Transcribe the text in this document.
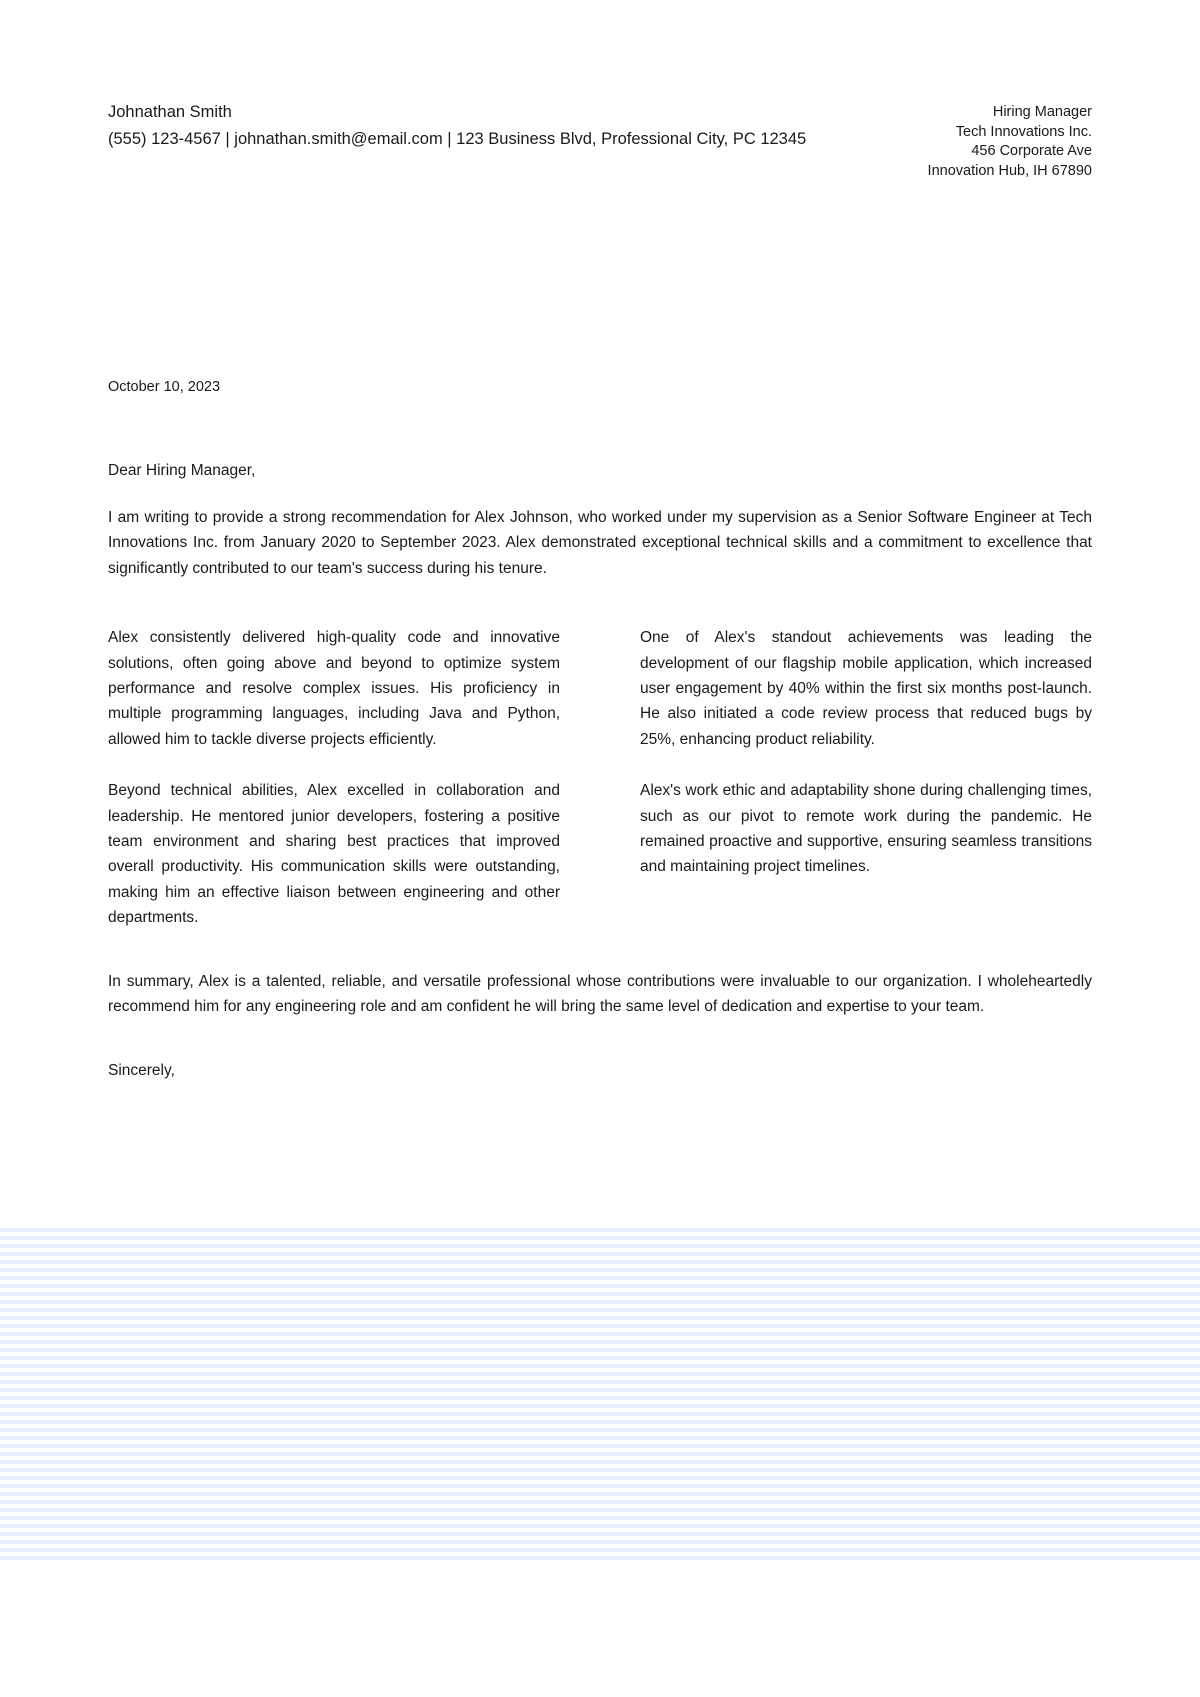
Johnathan Smith
(555) 123-4567 | johnathan.smith@email.com | 123 Business Blvd, Professional City, PC 12345
Hiring Manager
Tech Innovations Inc.
456 Corporate Ave
Innovation Hub, IH 67890
October 10, 2023
Dear Hiring Manager,

I am writing to provide a strong recommendation for Alex Johnson, who worked under my supervision as a Senior Software Engineer at Tech Innovations Inc. from January 2020 to September 2023. Alex demonstrated exceptional technical skills and a commitment to excellence that significantly contributed to our team's success during his tenure.

Alex consistently delivered high-quality code and innovative solutions, often going above and beyond to optimize system performance and resolve complex issues. His proficiency in multiple programming languages, including Java and Python, allowed him to tackle diverse projects efficiently.

Beyond technical abilities, Alex excelled in collaboration and leadership. He mentored junior developers, fostering a positive team environment and sharing best practices that improved overall productivity. His communication skills were outstanding, making him an effective liaison between engineering and other departments.

One of Alex's standout achievements was leading the development of our flagship mobile application, which increased user engagement by 40% within the first six months post-launch. He also initiated a code review process that reduced bugs by 25%, enhancing product reliability.

Alex's work ethic and adaptability shone during challenging times, such as our pivot to remote work during the pandemic. He remained proactive and supportive, ensuring seamless transitions and maintaining project timelines.

In summary, Alex is a talented, reliable, and versatile professional whose contributions were invaluable to our organization. I wholeheartedly recommend him for any engineering role and am confident he will bring the same level of dedication and expertise to your team.

Sincerely,
